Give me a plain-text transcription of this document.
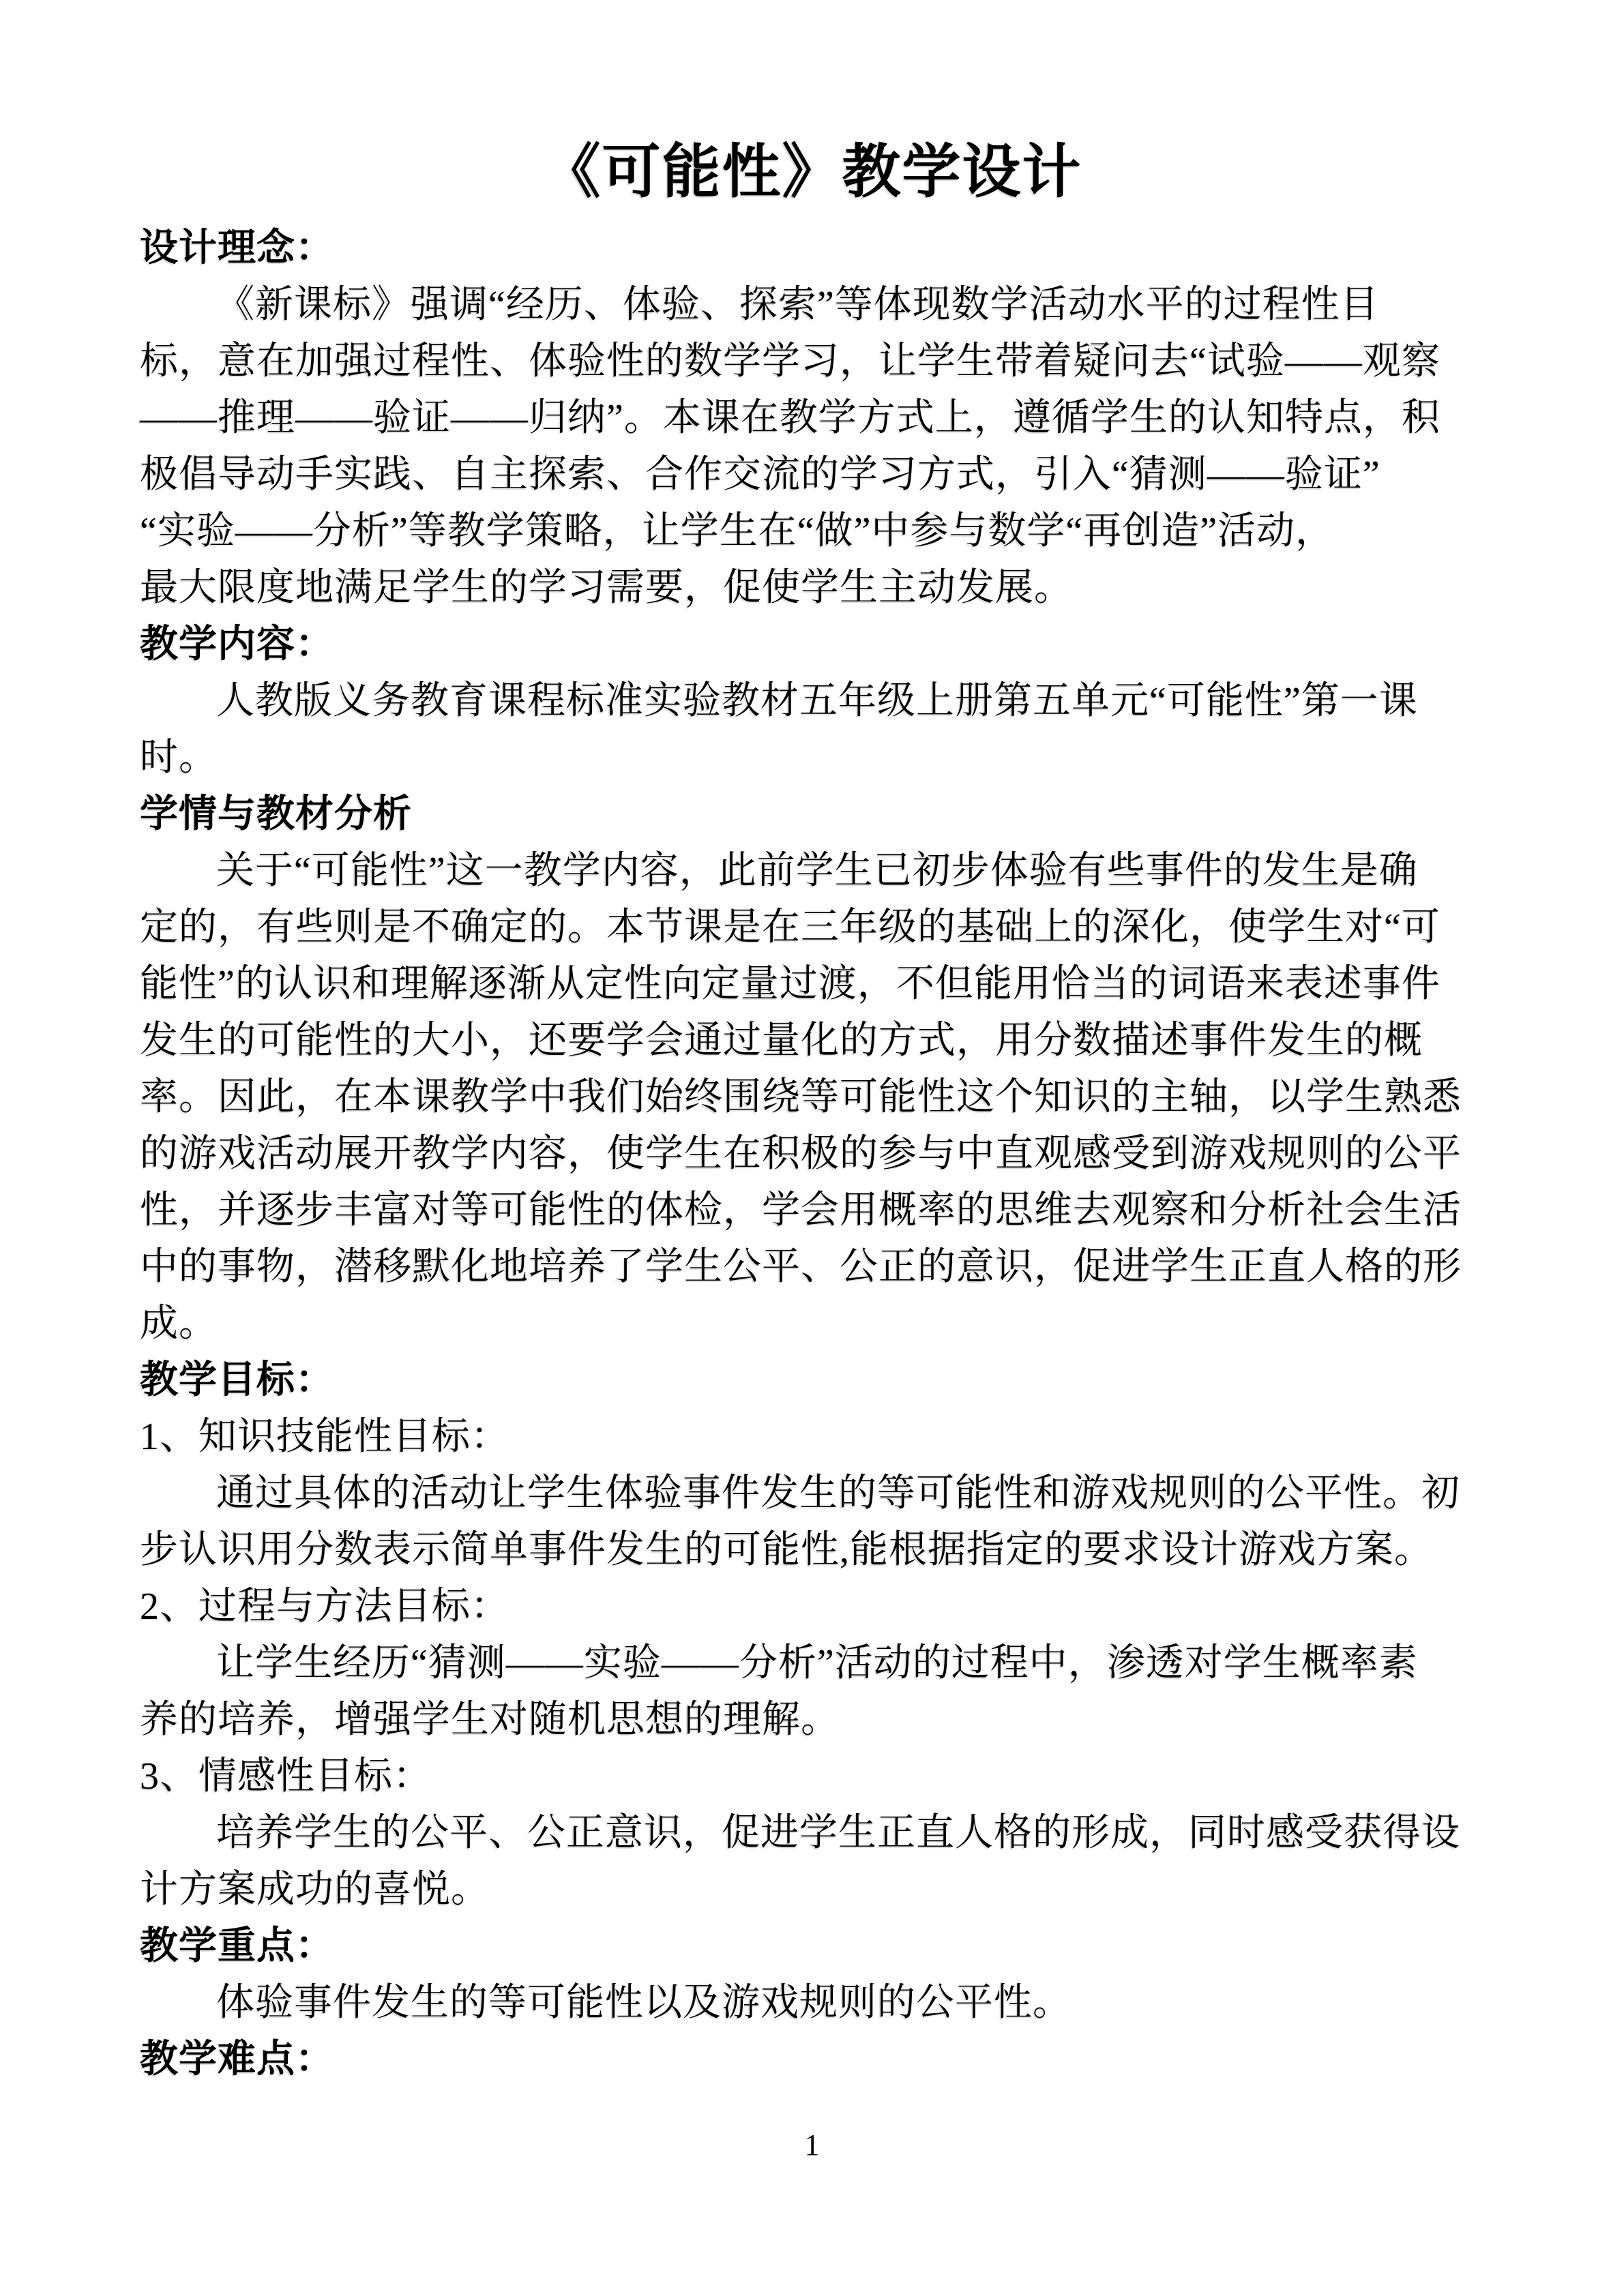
《可能性》教学设计
设计理念：
《新课标》强调“经历、体验、探索”等体现数学活动水平的过程性目
标，意在加强过程性、体验性的数学学习，让学生带着疑问去“试验——观察
——推理——验证——归纳”。本课在教学方式上，遵循学生的认知特点，积
极倡导动手实践、自主探索、合作交流的学习方式，引入“猜测——验证”
“实验——分析”等教学策略，让学生在“做”中参与数学“再创造”活动，
最大限度地满足学生的学习需要，促使学生主动发展。
教学内容：
人教版义务教育课程标准实验教材五年级上册第五单元“可能性”第一课
时。
学情与教材分析
关于“可能性”这一教学内容，此前学生已初步体验有些事件的发生是确
定的，有些则是不确定的。本节课是在三年级的基础上的深化，使学生对“可
能性”的认识和理解逐渐从定性向定量过渡，不但能用恰当的词语来表述事件
发生的可能性的大小，还要学会通过量化的方式，用分数描述事件发生的概
率。因此，在本课教学中我们始终围绕等可能性这个知识的主轴，以学生熟悉
的游戏活动展开教学内容，使学生在积极的参与中直观感受到游戏规则的公平
性，并逐步丰富对等可能性的体检，学会用概率的思维去观察和分析社会生活
中的事物，潜移默化地培养了学生公平、公正的意识，促进学生正直人格的形
成。
教学目标：
1、知识技能性目标：
通过具体的活动让学生体验事件发生的等可能性和游戏规则的公平性。初
步认识用分数表示简单事件发生的可能性,能根据指定的要求设计游戏方案。
2、过程与方法目标：
让学生经历“猜测——实验——分析”活动的过程中，渗透对学生概率素
养的培养，增强学生对随机思想的理解。
3、情感性目标：
培养学生的公平、公正意识，促进学生正直人格的形成，同时感受获得设
计方案成功的喜悦。
教学重点：
体验事件发生的等可能性以及游戏规则的公平性。
教学难点：
1
